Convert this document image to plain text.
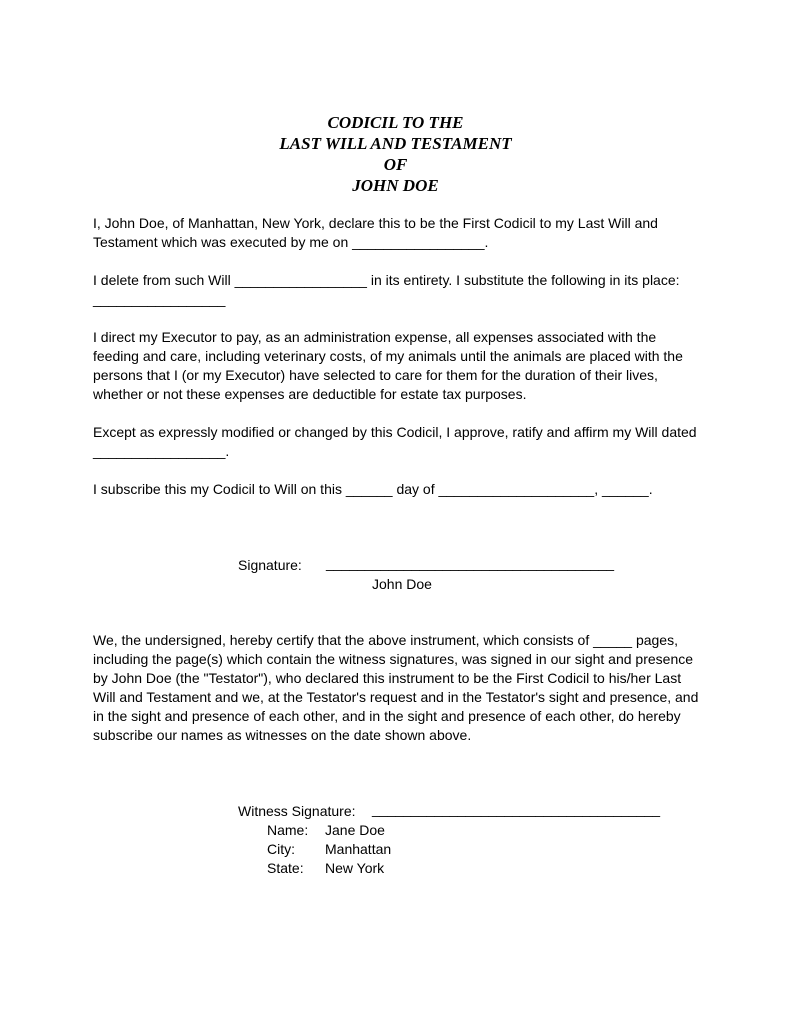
CODICIL TO THE
LAST WILL AND TESTAMENT
OF
JOHN DOE

I, John Doe, of Manhattan, New York, declare this to be the First Codicil to my Last Will and Testament which was executed by me on _________________.

I delete from such Will _________________ in its entirety. I substitute the following in its place: _________________

I direct my Executor to pay, as an administration expense, all expenses associated with the feeding and care, including veterinary costs, of my animals until the animals are placed with the persons that I (or my Executor) have selected to care for them for the duration of their lives, whether or not these expenses are deductible for estate tax purposes.

Except as expressly modified or changed by this Codicil, I approve, ratify and affirm my Will dated _________________.

I subscribe this my Codicil to Will on this ______ day of ____________________, ______.

Signature: _____________________________________
John Doe

We, the undersigned, hereby certify that the above instrument, which consists of _____ pages, including the page(s) which contain the witness signatures, was signed in our sight and presence by John Doe (the "Testator"), who declared this instrument to be the First Codicil to his/her Last Will and Testament and we, at the Testator's request and in the Testator's sight and presence, and in the sight and presence of each other, and in the sight and presence of each other, do hereby subscribe our names as witnesses on the date shown above.

Witness Signature: _____________________________________
Name:	Jane Doe
City:	Manhattan
State:	New York
